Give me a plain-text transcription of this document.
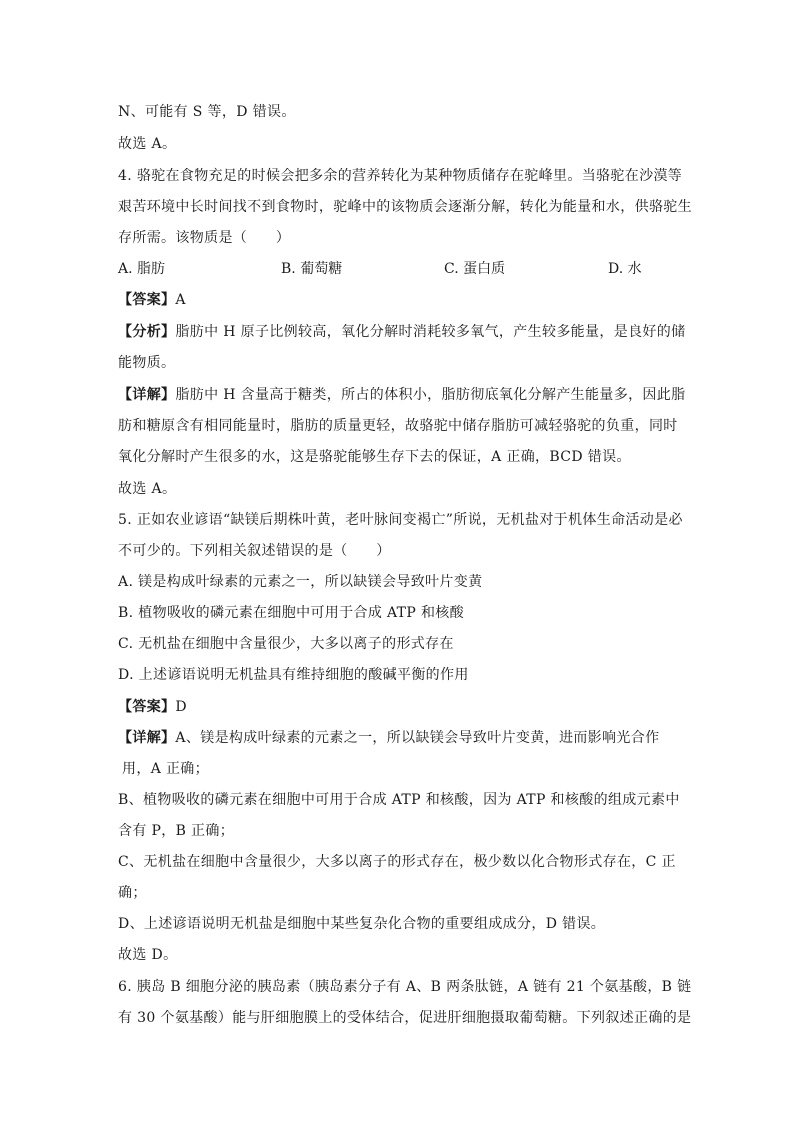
N、可能有 S 等，D 错误。
故选 A。
4. 骆驼在食物充足的时候会把多余的营养转化为某种物质储存在驼峰里。当骆驼在沙漠等
艰苦环境中长时间找不到食物时，驼峰中的该物质会逐渐分解，转化为能量和水，供骆驼生
存所需。该物质是（　　）
A. 脂肪	B. 葡萄糖	C. 蛋白质	D. 水
【答案】A
【分析】脂肪中 H 原子比例较高，氧化分解时消耗较多氧气，产生较多能量，是良好的储
能物质。
【详解】脂肪中 H 含量高于糖类，所占的体积小，脂肪彻底氧化分解产生能量多，因此脂
肪和糖原含有相同能量时，脂肪的质量更轻，故骆驼中储存脂肪可减轻骆驼的负重，同时
氧化分解时产生很多的水，这是骆驼能够生存下去的保证，A 正确，BCD 错误。
故选 A。
5. 正如农业谚语“缺镁后期株叶黄，老叶脉间变褐亡”所说，无机盐对于机体生命活动是必
不可少的。下列相关叙述错误的是（　　）
A. 镁是构成叶绿素的元素之一，所以缺镁会导致叶片变黄
B. 植物吸收的磷元素在细胞中可用于合成 ATP 和核酸
C. 无机盐在细胞中含量很少，大多以离子的形式存在
D. 上述谚语说明无机盐具有维持细胞的酸碱平衡的作用
【答案】D
【详解】A、镁是构成叶绿素的元素之一，所以缺镁会导致叶片变黄，进而影响光合作
用，A 正确；
B、植物吸收的磷元素在细胞中可用于合成 ATP 和核酸，因为 ATP 和核酸的组成元素中
含有 P，B 正确；
C、无机盐在细胞中含量很少，大多以离子的形式存在，极少数以化合物形式存在，C 正
确；
D、上述谚语说明无机盐是细胞中某些复杂化合物的重要组成成分，D 错误。
故选 D。
6. 胰岛 B 细胞分泌的胰岛素（胰岛素分子有 A、B 两条肽链，A 链有 21 个氨基酸，B 链
有 30 个氨基酸）能与肝细胞膜上的受体结合，促进肝细胞摄取葡萄糖。下列叙述正确的是
